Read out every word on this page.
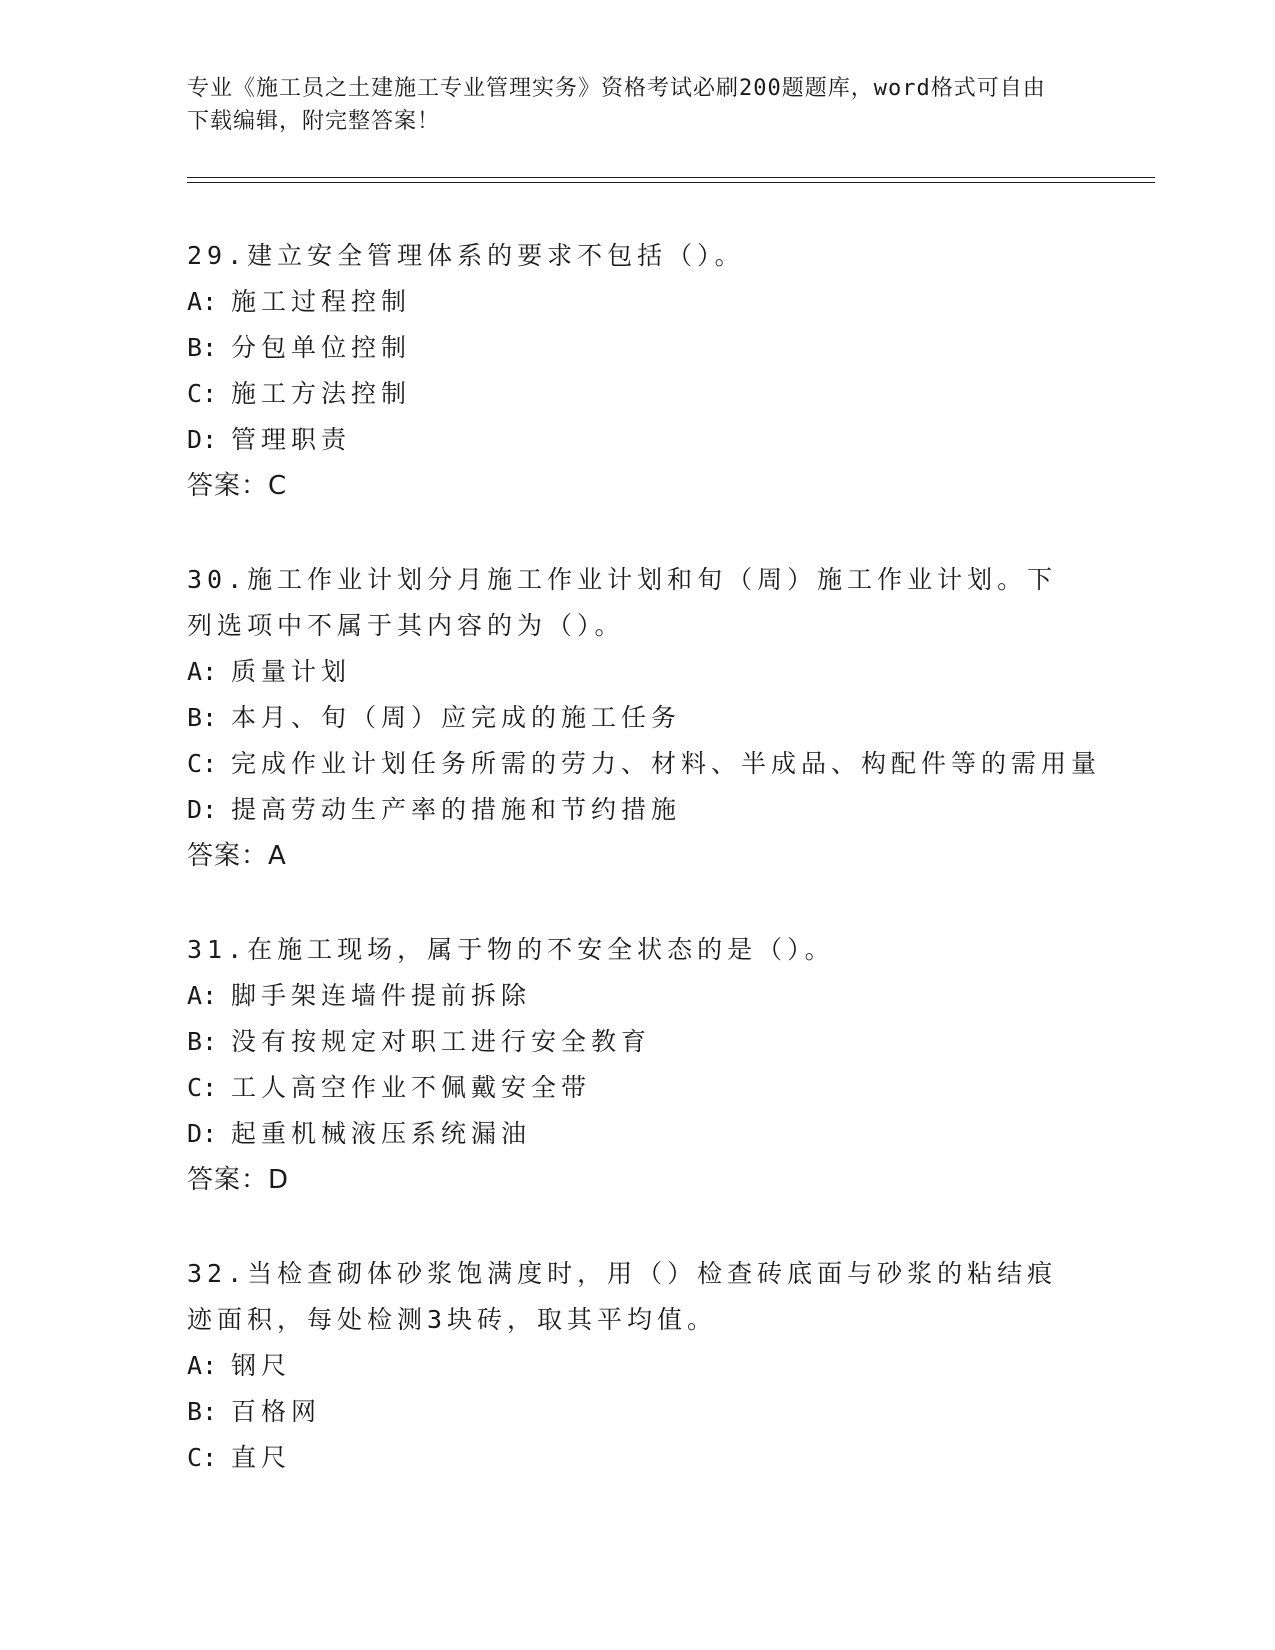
专业《施工员之土建施工专业管理实务》资格考试必刷200题题库，word格式可自由下载编辑，附完整答案！
29.建立安全管理体系的要求不包括（）。
A: 施工过程控制
B: 分包单位控制
C: 施工方法控制
D: 管理职责
答案：C
30.施工作业计划分月施工作业计划和旬（周）施工作业计划。下列选项中不属于其内容的为（）。
A: 质量计划
B: 本月、旬（周）应完成的施工任务
C: 完成作业计划任务所需的劳力、材料、半成品、构配件等的需用量
D: 提高劳动生产率的措施和节约措施
答案：A
31.在施工现场，属于物的不安全状态的是（）。
A: 脚手架连墙件提前拆除
B: 没有按规定对职工进行安全教育
C: 工人高空作业不佩戴安全带
D: 起重机械液压系统漏油
答案：D
32.当检查砌体砂浆饱满度时，用（）检查砖底面与砂浆的粘结痕迹面积，每处检测3块砖，取其平均值。
A: 钢尺
B: 百格网
C: 直尺
